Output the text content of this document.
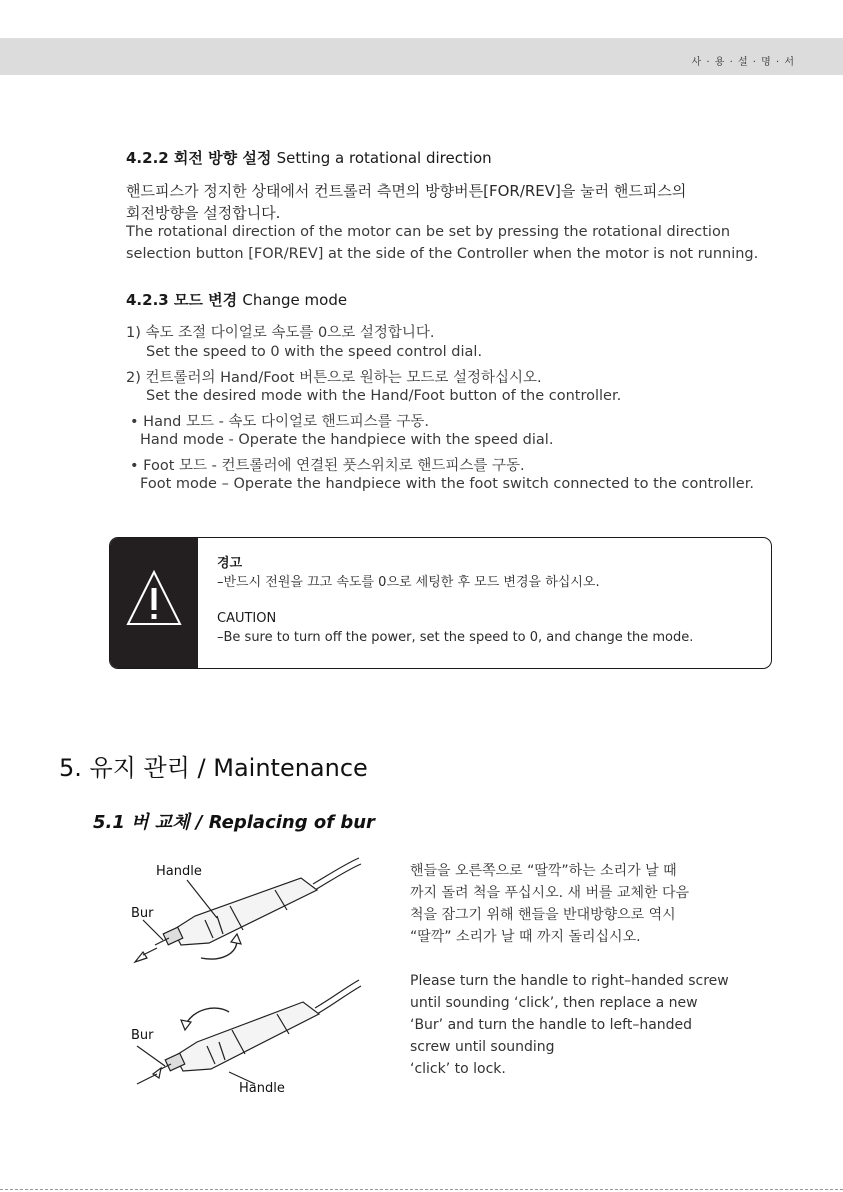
사 · 용 · 설 · 명 · 서
4.2.2 회전 방향 설정 Setting a rotational direction
핸드피스가 정지한 상태에서 컨트롤러 측면의 방향버튼[FOR/REV]을 눌러 핸드피스의
회전방향을 설정합니다.
The rotational direction of the motor can be set by pressing the rotational direction
selection button [FOR/REV] at the side of the Controller when the motor is not running.
4.2.3 모드 변경 Change mode
1) 속도 조절 다이얼로 속도를 0으로 설정합니다.
Set the speed to 0 with the speed control dial.
2) 컨트롤러의 Hand/Foot 버튼으로 원하는 모드로 설정하십시오.
Set the desired mode with the Hand/Foot button of the controller.
• Hand 모드 - 속도 다이얼로 핸드피스를 구동.
Hand mode - Operate the handpiece with the speed dial.
• Foot 모드 - 컨트롤러에 연결된 풋스위치로 핸드피스를 구동.
Foot mode – Operate the handpiece with the foot switch connected to the controller.
경고
–반드시 전원을 끄고 속도를 0으로 세팅한 후 모드 변경을 하십시오.
CAUTION
–Be sure to turn off the power, set the speed to 0, and change the mode.
5. 유지 관리 / Maintenance
5.1 버 교체 / Replacing of bur
Handle
Bur
Bur
Handle
핸들을 오른쪽으로 “딸깍”하는 소리가 날 때
까지 돌려 척을 푸십시오. 새 버를 교체한 다음
척을 잠그기 위해 핸들을 반대방향으로 역시
“딸깍” 소리가 날 때 까지 돌리십시오.
Please turn the handle to right–handed screw
until sounding ‘click’, then replace a new
‘Bur’ and turn the handle to left–handed
screw until sounding
‘click’ to lock.
